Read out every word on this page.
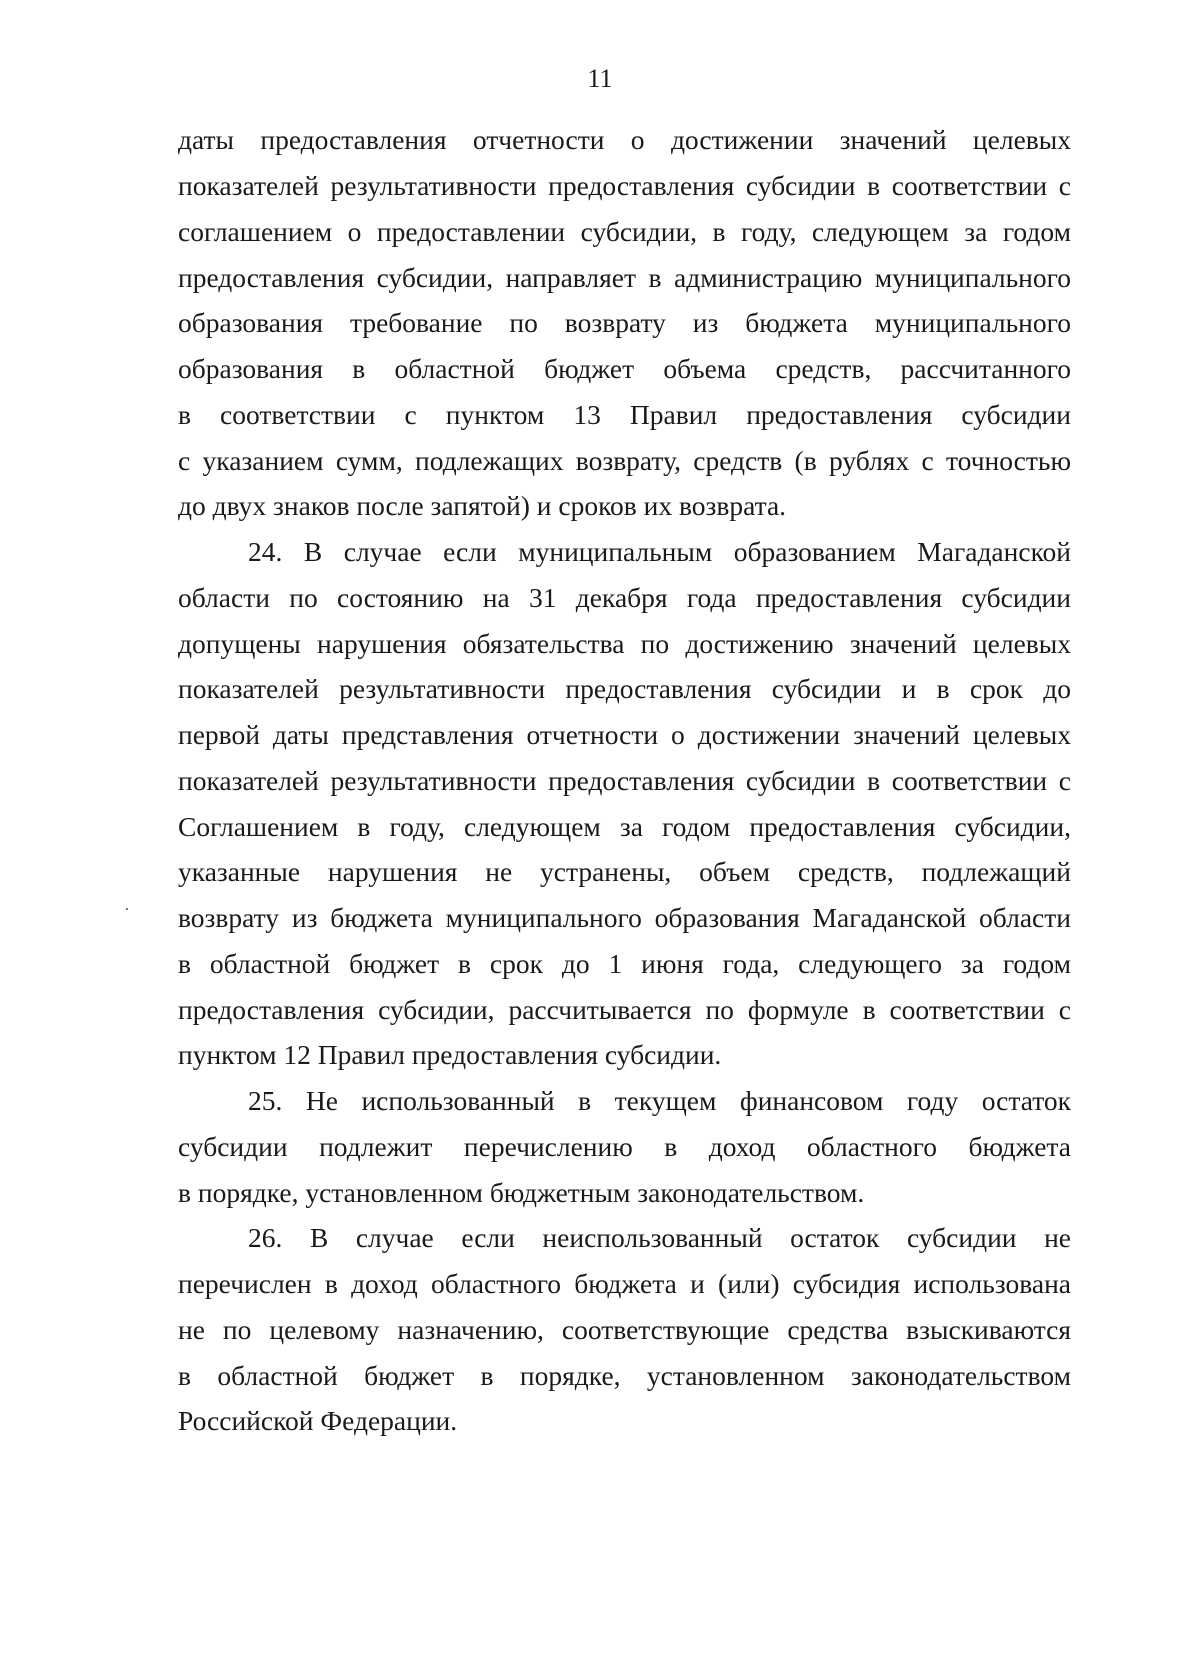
11
даты предоставления отчетности о достижении значений целевых
показателей результативности предоставления субсидии в соответствии с
соглашением о предоставлении субсидии, в году, следующем за годом
предоставления субсидии, направляет в администрацию муниципального
образования требование по возврату из бюджета муниципального
образования в областной бюджет объема средств, рассчитанного
в соответствии с пунктом 13 Правил предоставления субсидии
с указанием сумм, подлежащих возврату, средств (в рублях с точностью
до двух знаков после запятой) и сроков их возврата.
24. В случае если муниципальным образованием Магаданской
области по состоянию на 31 декабря года предоставления субсидии
допущены нарушения обязательства по достижению значений целевых
показателей результативности предоставления субсидии и в срок до
первой даты представления отчетности о достижении значений целевых
показателей результативности предоставления субсидии в соответствии с
Соглашением в году, следующем за годом предоставления субсидии,
указанные нарушения не устранены, объем средств, подлежащий
возврату из бюджета муниципального образования Магаданской области
в областной бюджет в срок до 1 июня года, следующего за годом
предоставления субсидии, рассчитывается по формуле в соответствии с
пунктом 12 Правил предоставления субсидии.
25. Не использованный в текущем финансовом году остаток
субсидии подлежит перечислению в доход областного бюджета
в порядке, установленном бюджетным законодательством.
26. В случае если неиспользованный остаток субсидии не
перечислен в доход областного бюджета и (или) субсидия использована
не по целевому назначению, соответствующие средства взыскиваются
в областной бюджет в порядке, установленном законодательством
Российской Федерации.
